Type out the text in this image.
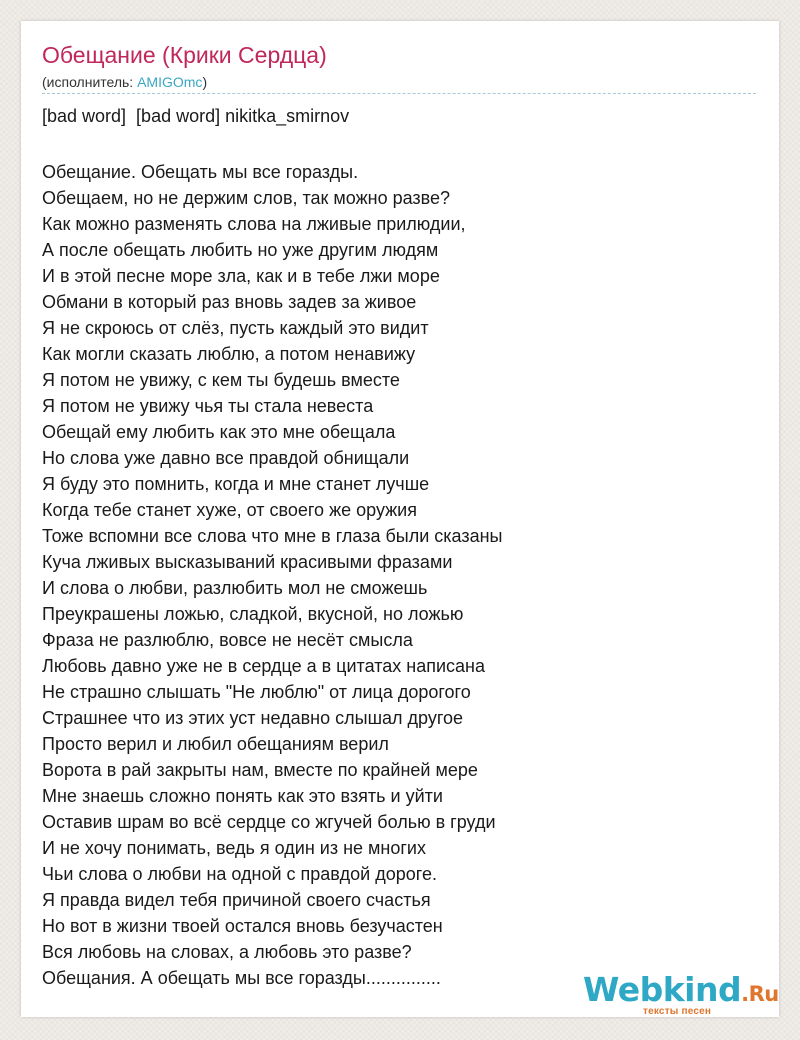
Обещание (Крики Сердца)
(исполнитель: AMIGOmc)
[bad word]  [bad word] nikitka_smirnov
Обещание. Обещать мы все горазды.
Обещаем, но не держим слов, так можно разве?
Как можно разменять слова на лживые прилюдии,
А после обещать любить но уже другим людям
И в этой песне море зла, как и в тебе лжи море
Обмани в который раз вновь задев за живое
Я не скроюсь от слёз, пусть каждый это видит
Как могли сказать люблю, а потом ненавижу
Я потом не увижу, с кем ты будешь вместе
Я потом не увижу чья ты стала невеста
Обещай ему любить как это мне обещала
Но слова уже давно все правдой обнищали
Я буду это помнить, когда и мне станет лучше
Когда тебе станет хуже, от своего же оружия
Тоже вспомни все слова что мне в глаза были сказаны
Куча лживых высказываний красивыми фразами
И слова о любви, разлюбить мол не сможешь
Преукрашены ложью, сладкой, вкусной, но ложью
Фраза не разлюблю, вовсе не несёт смысла
Любовь давно уже не в сердце а в цитатах написана
Не страшно слышать "Не люблю" от лица дорогого
Страшнее что из этих уст недавно слышал другое
Просто верил и любил обещаниям верил
Ворота в рай закрыты нам, вместе по крайней мере
Мне знаешь сложно понять как это взять и уйти
Оставив шрам во всё сердце со жгучей болью в груди
И не хочу понимать, ведь я один из не многих
Чьи слова о любви на одной с правдой дороге.
Я правда видел тебя причиной своего счастья
Но вот в жизни твоей остался вновь безучастен
Вся любовь на словах, а любовь это разве?
Обещания. А обещать мы все горазды...............	Webkind.Ru
тексты песен
